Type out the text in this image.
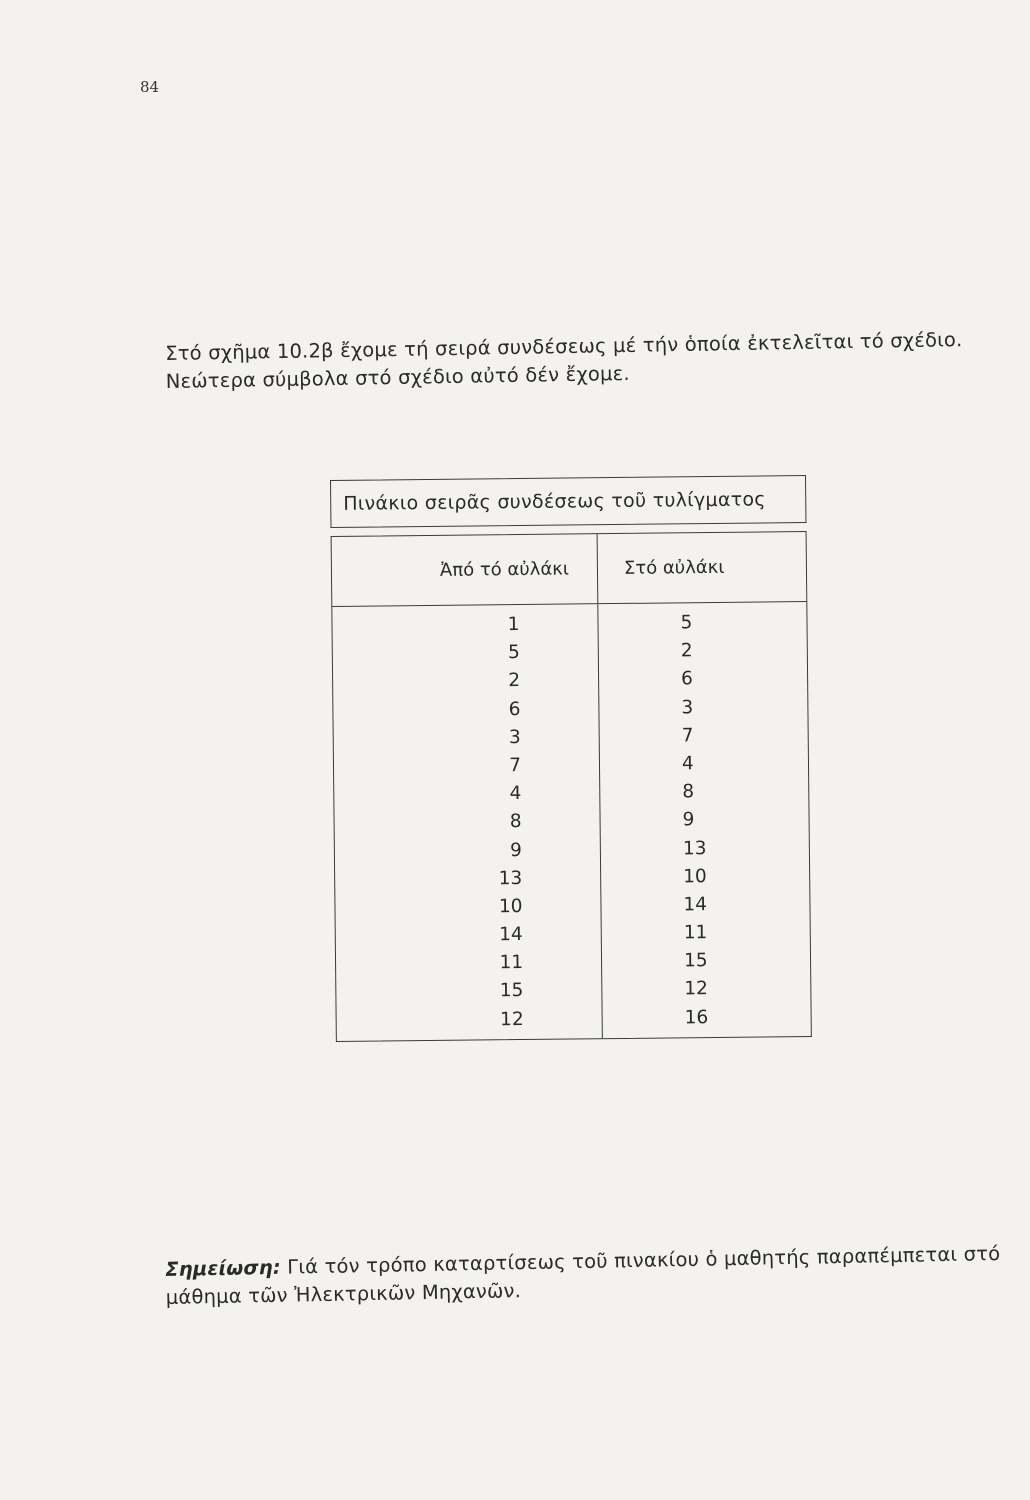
84

Στό σχῆμα 10.2β ἔχομε τή σειρά συνδέσεως μέ τήν ὁποία ἐκτελεῖται τό σχέδιο.

Νεώτερα σύμβολα στό σχέδιο αὐτό δέν ἔχομε.

Πινάκιο σειρᾶς συνδέσεως τοῦ τυλίγματος
Ἀπό τό αὐλάκι	Στό αὐλάκι
1
5
2
6
3
7
4
8
9
13
10
14
11
15
12
5
2
6
3
7
4
8
9
13
10
14
11
15
12
16

Σημείωση: Γιά τόν τρόπο καταρτίσεως τοῦ πινακίου ὁ μαθητής παραπέμπεται στό

μάθημα τῶν Ἠλεκτρικῶν Μηχανῶν.
